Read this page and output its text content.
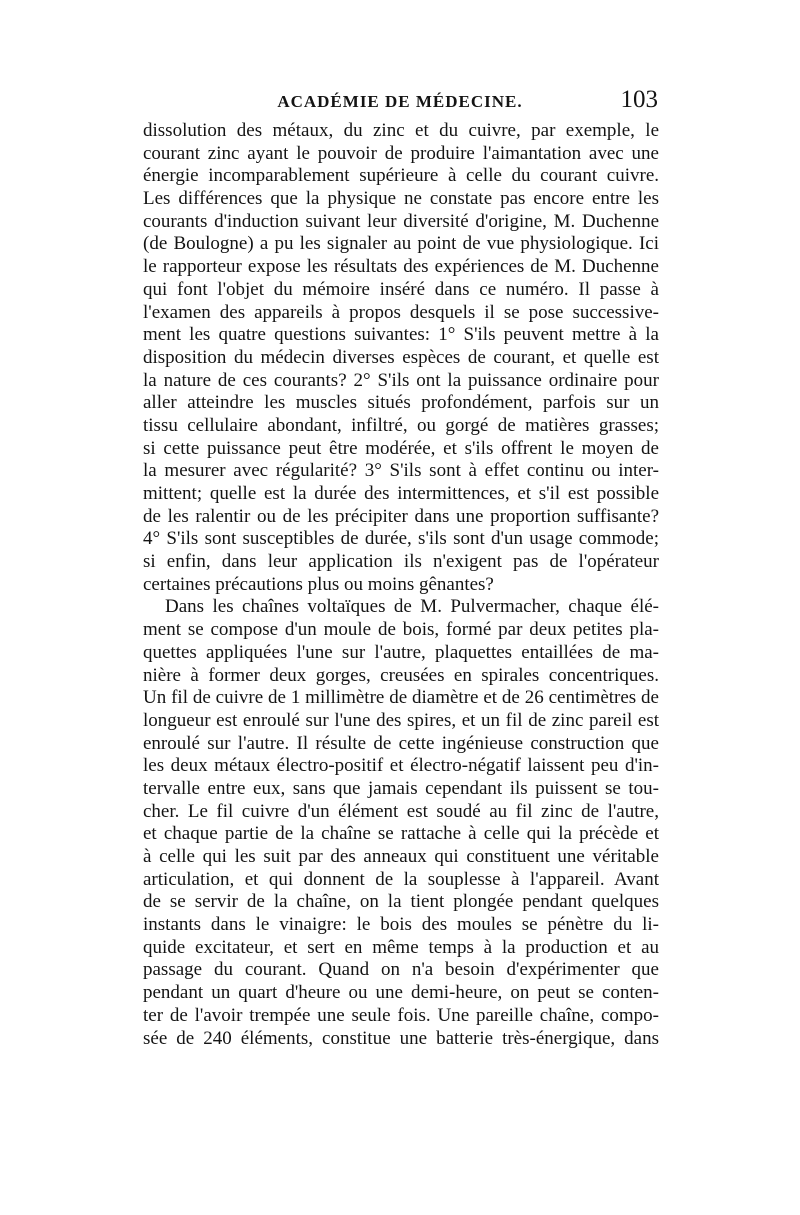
ACADÉMIE DE MÉDECINE.	103
dissolution des métaux, du zinc et du cuivre, par exemple, le
courant zinc ayant le pouvoir de produire l'aimantation avec une
énergie incomparablement supérieure à celle du courant cuivre.
Les différences que la physique ne constate pas encore entre les
courants d'induction suivant leur diversité d'origine, M. Duchenne
(de Boulogne) a pu les signaler au point de vue physiologique. Ici
le rapporteur expose les résultats des expériences de M. Duchenne
qui font l'objet du mémoire inséré dans ce numéro. Il passe à
l'examen des appareils à propos desquels il se pose successive-
ment les quatre questions suivantes: 1° S'ils peuvent mettre à la
disposition du médecin diverses espèces de courant, et quelle est
la nature de ces courants? 2° S'ils ont la puissance ordinaire pour
aller atteindre les muscles situés profondément, parfois sur un
tissu cellulaire abondant, infiltré, ou gorgé de matières grasses;
si cette puissance peut être modérée, et s'ils offrent le moyen de
la mesurer avec régularité? 3° S'ils sont à effet continu ou inter-
mittent; quelle est la durée des intermittences, et s'il est possible
de les ralentir ou de les précipiter dans une proportion suffisante?
4° S'ils sont susceptibles de durée, s'ils sont d'un usage commode;
si enfin, dans leur application ils n'exigent pas de l'opérateur
certaines précautions plus ou moins gênantes?
Dans les chaînes voltaïques de M. Pulvermacher, chaque élé-
ment se compose d'un moule de bois, formé par deux petites pla-
quettes appliquées l'une sur l'autre, plaquettes entaillées de ma-
nière à former deux gorges, creusées en spirales concentriques.
Un fil de cuivre de 1 millimètre de diamètre et de 26 centimètres de
longueur est enroulé sur l'une des spires, et un fil de zinc pareil est
enroulé sur l'autre. Il résulte de cette ingénieuse construction que
les deux métaux électro-positif et électro-négatif laissent peu d'in-
tervalle entre eux, sans que jamais cependant ils puissent se tou-
cher. Le fil cuivre d'un élément est soudé au fil zinc de l'autre,
et chaque partie de la chaîne se rattache à celle qui la précède et
à celle qui les suit par des anneaux qui constituent une véritable
articulation, et qui donnent de la souplesse à l'appareil. Avant
de se servir de la chaîne, on la tient plongée pendant quelques
instants dans le vinaigre: le bois des moules se pénètre du li-
quide excitateur, et sert en même temps à la production et au
passage du courant. Quand on n'a besoin d'expérimenter que
pendant un quart d'heure ou une demi-heure, on peut se conten-
ter de l'avoir trempée une seule fois. Une pareille chaîne, compo-
sée de 240 éléments, constitue une batterie très-énergique, dans
